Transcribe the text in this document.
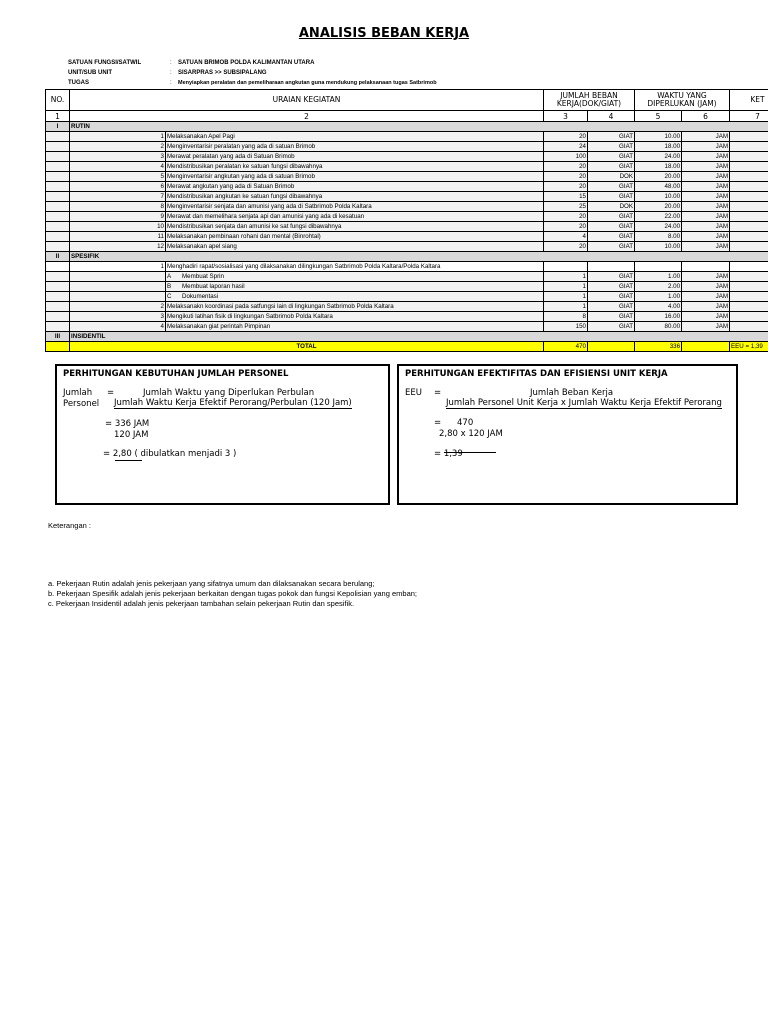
ANALISIS BEBAN KERJA
SATUAN FUNGSI/SATWIL	:	SATUAN BRIMOB POLDA KALIMANTAN UTARA
UNIT/SUB UNIT	:	SISARPRAS >> SUBSIPALANG
TUGAS	:	Menyiapkan peralatan dan pemeliharaan angkutan guna mendukung pelaksanaan tugas Satbrimob
NO.	URAIAN KEGIATAN		JUMLAH BEBAN KERJA(DOK/GIAT)		WAKTU YANG DIPERLUKAN (JAM)		KET
1	2		3	4	5	6	7
I	RUTIN						
	1	Melaksanakan Apel Pagi	20	GIAT	10.00	JAM	
	2	Menginventarisir peralatan yang ada di satuan Brimob	24	GIAT	18.00	JAM	
	3	Merawat peralatan yang ada di Satuan Brimob	100	GIAT	24.00	JAM	
	4	Mendistribusikan peralatan ke satuan fungsi dibawahnya	20	GIAT	18.00	JAM	
	5	Menginventarisir angkutan yang ada di satuan Brimob	20	DOK	20.00	JAM	
	6	Merawat angkutan yang ada di Satuan Brimob	20	GIAT	48.00	JAM	
	7	Mendistribusikan angkutan ke satuan fungsi dibawahnya	15	GIAT	10.00	JAM	
	8	Menginventarisir senjata dan amunisi yang ada di Satbrimob Polda Kaltara	25	DOK	20.00	JAM	
	9	Merawat dan memelihara senjata api dan amunisi yang ada di kesatuan	20	GIAT	22.00	JAM	
	10	Mendistribusikan senjata dan amunisi ke sat fungsi dibawahnya	20	GIAT	24.00	JAM	
	11	Melaksanakan pembinaan rohani dan mental (Binrohtal)	4	GIAT	8.00	JAM	
	12	Melaksanakan apel siang	20	GIAT	10.00	JAM	
II	SPESIFIK						
	1	Menghadiri rapat/sosialisasi yang dilaksanakan dilingkungan Satbrimob Polda Kaltara/Polda Kaltara					
		A Membuat Sprin	1	GIAT	1.00	JAM	
		B Membuat laporan hasil	1	GIAT	2.00	JAM	
		C Dokumentasi	1	GIAT	1.00	JAM	
	2	Melaksanakn koordinasi pada satfungsi lain di lingkungan Satbrimob Polda Kaltara	1	GIAT	4.00	JAM	
	3	Mengikuti latihan fisik di lingkungan Satbrimob Polda Kaltara	8	GIAT	16.00	JAM	
	4	Melaksanakan giat perintah Pimpinan	150	GIAT	80.00	JAM	
III	INSIDENTIL						
	TOTAL		470		336		EEU = 1,39
PERHITUNGAN KEBUTUHAN JUMLAH PERSONEL
Jumlah
Personel
=	Jumlah Waktu yang Diperlukan Perbulan
Jumlah Waktu Kerja Efektif Perorang/Perbulan (120 Jam)
= 336 JAM
120 JAM
= 2,80 ( dibulatkan menjadi 3 )
PERHITUNGAN EFEKTIFITAS DAN EFISIENSI UNIT KERJA
EEU =	Jumlah Beban Kerja
Jumlah Personel Unit Kerja x Jumlah Waktu Kerja Efektif Perorang
= 470
2,80 x 120 JAM
= 1,39
Keterangan :
a. Pekerjaan Rutin adalah jenis pekerjaan yang sifatnya umum dan dilaksanakan secara berulang;
b. Pekerjaan Spesifik adalah jenis pekerjaan berkaitan dengan tugas pokok dan fungsi Kepolisian yang emban;
c. Pekerjaan Insidentil adalah jenis pekerjaan tambahan selain pekerjaan Rutin dan spesifik.
